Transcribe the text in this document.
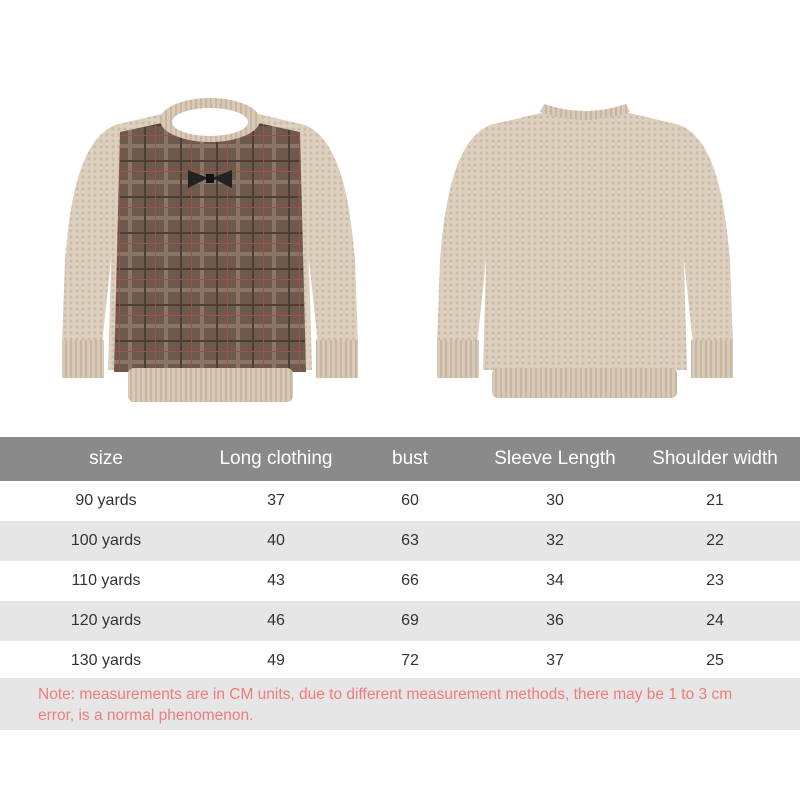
size	Long clothing	bust	Sleeve Length	Shoulder width
90 yards	37	60	30	21
100 yards	40	63	32	22
110 yards	43	66	34	23
120 yards	46	69	36	24
130 yards	49	72	37	25
Note: measurements are in CM units, due to different measurement methods, there may be 1 to 3 cm error, is a normal phenomenon.
